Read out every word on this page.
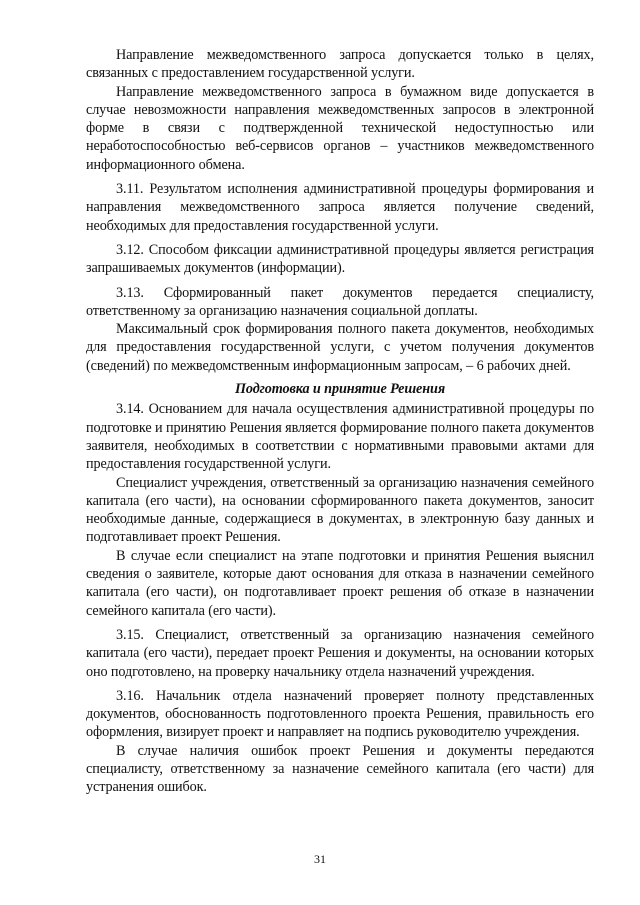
Направление межведомственного запроса допускается только в целях, связанных с предоставлением государственной услуги.

Направление межведомственного запроса в бумажном виде допускается в случае невозможности направления межведомственных запросов в электронной форме в связи с подтвержденной технической недоступностью или неработоспособностью веб-сервисов органов – участников межведомственного информационного обмена.

3.11. Результатом исполнения административной процедуры формирования и направления межведомственного запроса является получение сведений, необходимых для предоставления государственной услуги.

3.12. Способом фиксации административной процедуры является регистрация запрашиваемых документов (информации).

3.13. Сформированный пакет документов передается специалисту, ответственному за организацию назначения социальной доплаты.

Максимальный срок формирования полного пакета документов, необходимых для предоставления государственной услуги, с учетом получения документов (сведений) по межведомственным информационным запросам, – 6 рабочих дней.

Подготовка и принятие Решения

3.14. Основанием для начала осуществления административной процедуры по подготовке и принятию Решения является формирование полного пакета документов заявителя, необходимых в соответствии с нормативными правовыми актами для предоставления государственной услуги.

Специалист учреждения, ответственный за организацию назначения семейного капитала (его части), на основании сформированного пакета документов, заносит необходимые данные, содержащиеся в документах, в электронную базу данных и подготавливает проект Решения.

В случае если специалист на этапе подготовки и принятия Решения выяснил сведения о заявителе, которые дают основания для отказа в назначении семейного капитала (его части), он подготавливает проект решения об отказе в назначении семейного капитала (его части).

3.15. Специалист, ответственный за организацию назначения семейного капитала (его части), передает проект Решения и документы, на основании которых оно подготовлено, на проверку начальнику отдела назначений учреждения.

3.16. Начальник отдела назначений проверяет полноту представленных документов, обоснованность подготовленного проекта Решения, правильность его оформления, визирует проект и направляет на подпись руководителю учреждения.

В случае наличия ошибок проект Решения и документы передаются специалисту, ответственному за назначение семейного капитала (его части) для устранения ошибок.

31
